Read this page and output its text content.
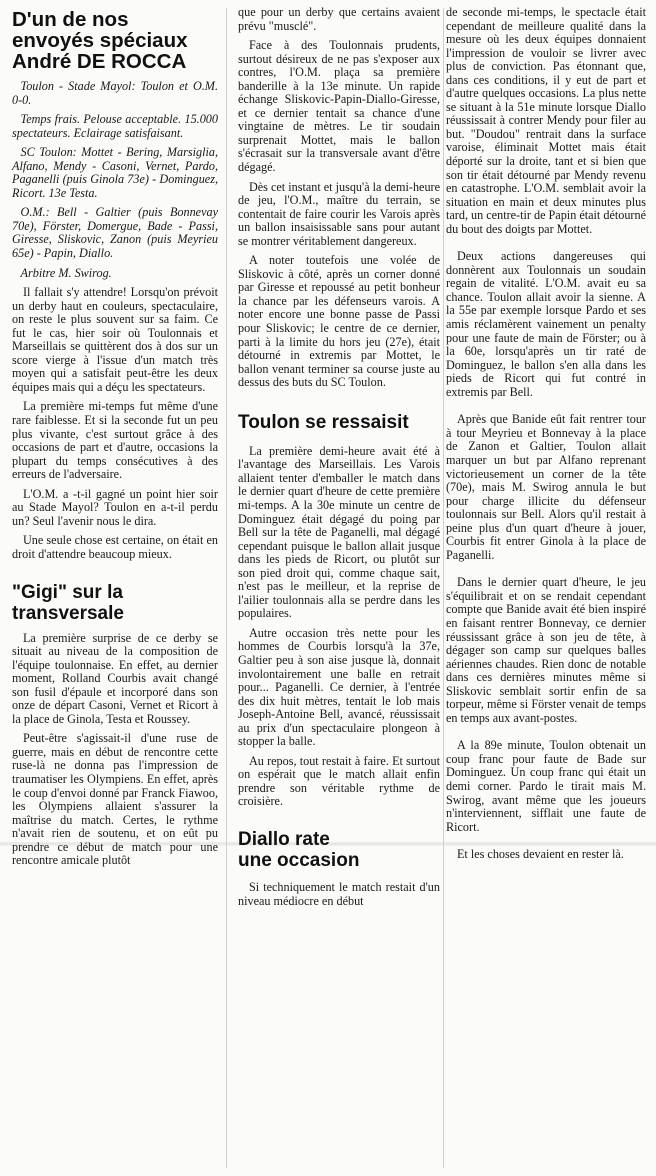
D'un de nos
envoyés spéciaux
André DE ROCCA

Toulon - Stade Mayol: Toulon et O.M. 0-0.

Temps frais. Pelouse acceptable. 15.000 spectateurs. Eclairage satisfaisant.

SC Toulon: Mottet - Bering, Marsiglia, Alfano, Mendy - Casoni, Vernet, Pardo, Paganelli (puis Ginola 73e) - Dominguez, Ricort. 13e Testa.

O.M.: Bell - Galtier (puis Bonnevay 70e), Förster, Domergue, Bade - Passi, Giresse, Sliskovic, Zanon (puis Meyrieu 65e) - Papin, Diallo.

Arbitre M. Swirog.

Il fallait s'y attendre! Lorsqu'on prévoit un derby haut en couleurs, spectaculaire, on reste le plus souvent sur sa faim. Ce fut le cas, hier soir où Toulonnais et Marseillais se quittèrent dos à dos sur un score vierge à l'issue d'un match très moyen qui a satisfait peut-être les deux équipes mais qui a déçu les spectateurs.

La première mi-temps fut même d'une rare faiblesse. Et si la seconde fut un peu plus vivante, c'est surtout grâce à des occasions de part et d'autre, occasions la plupart du temps consécutives à des erreurs de l'adversaire.

L'O.M. a -t-il gagné un point hier soir au Stade Mayol? Toulon en a-t-il perdu un? Seul l'avenir nous le dira.

Une seule chose est certaine, on était en droit d'attendre beaucoup mieux.

"Gigi" sur la
transversale

La première surprise de ce derby se situait au niveau de la composition de l'équipe toulonnaise. En effet, au dernier moment, Rolland Courbis avait changé son fusil d'épaule et incorporé dans son onze de départ Casoni, Vernet et Ricort à la place de Ginola, Testa et Roussey.

Peut-être s'agissait-il d'une ruse de guerre, mais en début de rencontre cette ruse-là ne donna pas l'impression de traumatiser les Olympiens. En effet, après le coup d'envoi donné par Franck Fiawoo, les Olympiens allaient s'assurer la maîtrise du match. Certes, le rythme n'avait rien de soutenu, et on eût pu prendre ce début de match pour une rencontre amicale plutôt

que pour un derby que certains avaient prévu "musclé".

Face à des Toulonnais prudents, surtout désireux de ne pas s'exposer aux contres, l'O.M. plaça sa première banderille à la 13e minute. Un rapide échange Sliskovic-Papin-Diallo-Giresse, et ce dernier tentait sa chance d'une vingtaine de mètres. Le tir soudain surprenait Mottet, mais le ballon s'écrasait sur la transversale avant d'être dégagé.

Dès cet instant et jusqu'à la demi-heure de jeu, l'O.M., maître du terrain, se contentait de faire courir les Varois après un ballon insaisissable sans pour autant se montrer véritablement dangereux.

A noter toutefois une volée de Sliskovic à côté, après un corner donné par Giresse et repoussé au petit bonheur la chance par les défenseurs varois. A noter encore une bonne passe de Passi pour Sliskovic; le centre de ce dernier, parti à la limite du hors jeu (27e), était détourné in extremis par Mottet, le ballon venant terminer sa course juste au dessus des buts du SC Toulon.

Toulon se ressaisit

La première demi-heure avait été à l'avantage des Marseillais. Les Varois allaient tenter d'emballer le match dans le dernier quart d'heure de cette première mi-temps. A la 30e minute un centre de Dominguez était dégagé du poing par Bell sur la tête de Paganelli, mal dégagé cependant puisque le ballon allait jusque dans les pieds de Ricort, ou plutôt sur son pied droit qui, comme chaque sait, n'est pas le meilleur, et la reprise de l'ailier toulonnais alla se perdre dans les populaires.

Autre occasion très nette pour les hommes de Courbis lorsqu'à la 37e, Galtier peu à son aise jusque là, donnait involontairement une balle en retrait pour... Paganelli. Ce dernier, à l'entrée des dix huit mètres, tentait le lob mais Joseph-Antoine Bell, avancé, réussissait au prix d'un spectaculaire plongeon à stopper la balle.

Au repos, tout restait à faire. Et surtout on espérait que le match allait enfin prendre son véritable rythme de croisière.

Diallo rate
une occasion

Si techniquement le match restait d'un niveau médiocre en début

de seconde mi-temps, le spectacle était cependant de meilleure qualité dans la mesure où les deux équipes donnaient l'impression de vouloir se livrer avec plus de conviction. Pas étonnant que, dans ces conditions, il y eut de part et d'autre quelques occasions. La plus nette se situant à la 51e minute lorsque Diallo réussissait à contrer Mendy pour filer au but. "Doudou" rentrait dans la surface varoise, éliminait Mottet mais était déporté sur la droite, tant et si bien que son tir était détourné par Mendy revenu en catastrophe. L'O.M. semblait avoir la situation en main et deux minutes plus tard, un centre-tir de Papin était détourné du bout des doigts par Mottet.

Deux actions dangereuses qui donnèrent aux Toulonnais un soudain regain de vitalité. L'O.M. avait eu sa chance. Toulon allait avoir la sienne. A la 55e par exemple lorsque Pardo et ses amis réclamèrent vainement un penalty pour une faute de main de Förster; ou à la 60e, lorsqu'après un tir raté de Dominguez, le ballon s'en alla dans les pieds de Ricort qui fut contré in extremis par Bell.

Après que Banide eût fait rentrer tour à tour Meyrieu et Bonnevay à la place de Zanon et Galtier, Toulon allait marquer un but par Alfano reprenant victorieusement un corner de la tête (70e), mais M. Swirog annula le but pour charge illicite du défenseur toulonnais sur Bell. Alors qu'il restait à peine plus d'un quart d'heure à jouer, Courbis fit entrer Ginola à la place de Paganelli.

Dans le dernier quart d'heure, le jeu s'équilibrait et on se rendait cependant compte que Banide avait été bien inspiré en faisant rentrer Bonnevay, ce dernier réussissant grâce à son jeu de tête, à dégager son camp sur quelques balles aériennes chaudes. Rien donc de notable dans ces dernières minutes même si Sliskovic semblait sortir enfin de sa torpeur, même si Förster venait de temps en temps aux avant-postes.

A la 89e minute, Toulon obtenait un coup franc pour faute de Bade sur Dominguez. Un coup franc qui était un demi corner. Pardo le tirait mais M. Swirog, avant même que les joueurs n'interviennent, sifflait une faute de Ricort.

Et les choses devaient en rester là.
